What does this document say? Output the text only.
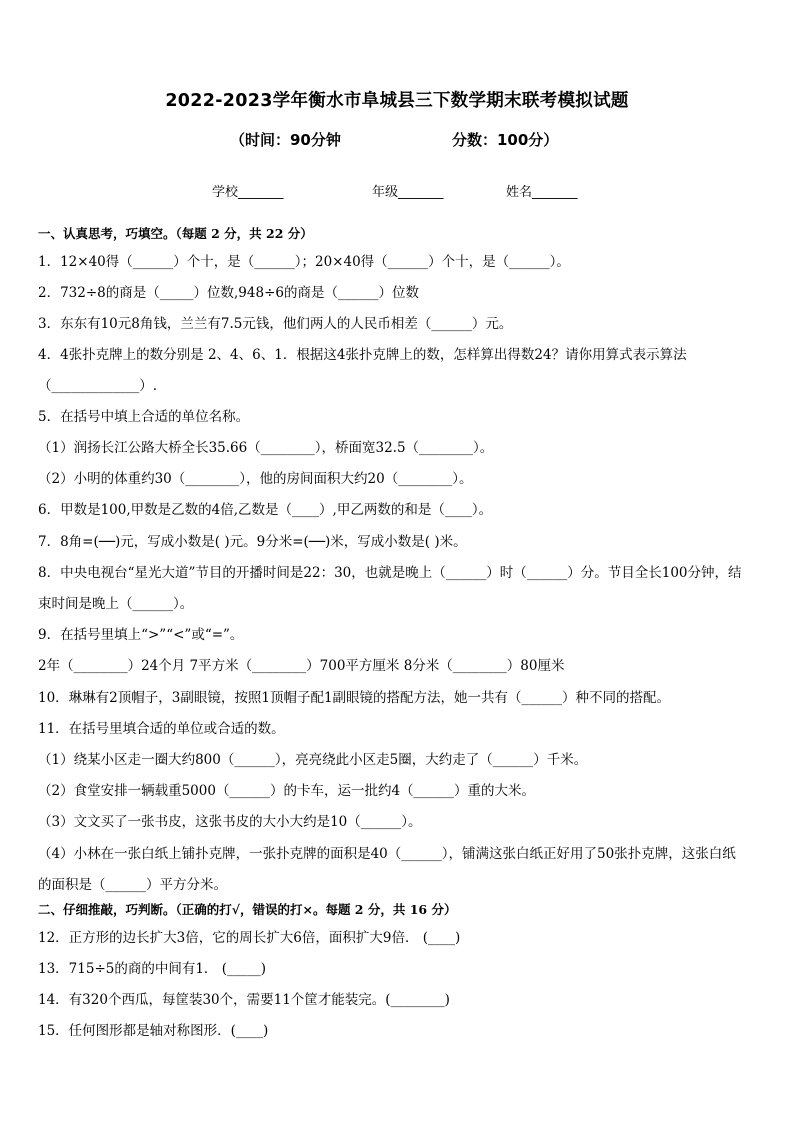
2022-2023学年衡水市阜城县三下数学期末联考模拟试题
（时间：90分钟	分数：100分）
学校_______	年级_______	姓名_______
一、认真思考，巧填空。（每题 2 分，共 22 分）
1．12×40得（______）个十，是（______）；20×40得（______）个十，是（______）。
2．732÷8的商是（_____）位数,948÷6的商是（______）位数
3．东东有10元8角钱，兰兰有7.5元钱，他们两人的人民币相差（______）元。
4．4张扑克牌上的数分别是 2、4、6、1．根据这4张扑克牌上的数，怎样算出得数24？请你用算式表示算法
（_____________）.
5．在括号中填上合适的单位名称。
（1）润扬长江公路大桥全长35.66（________），桥面宽32.5（________）。
（2）小明的体重约30（________），他的房间面积大约20（________）。
6．甲数是100,甲数是乙数的4倍,乙数是（____）,甲乙两数的和是（____）。
7．8角=(──)元，写成小数是( )元。9分米=(──)米，写成小数是( )米。
8．中央电视台“星光大道”节目的开播时间是22：30，也就是晚上（______）时（______）分。节目全长100分钟，结
束时间是晚上（______）。
9．在括号里填上“>”“<”或“=”。
2年（________）24个月 7平方米（________）700平方厘米 8分米（________）80厘米
10．琳琳有2顶帽子，3副眼镜，按照1顶帽子配1副眼镜的搭配方法，她一共有（______）种不同的搭配。
11．在括号里填合适的单位或合适的数。
（1）绕某小区走一圈大约800（______），亮亮绕此小区走5圈，大约走了（______）千米。
（2）食堂安排一辆载重5000（______）的卡车，运一批约4（______）重的大米。
（3）文文买了一张书皮，这张书皮的大小大约是10（______）。
（4）小林在一张白纸上铺扑克牌，一张扑克牌的面积是40（______），铺满这张白纸正好用了50张扑克牌，这张白纸
的面积是（______）平方分米。
二、仔细推敲，巧判断。（正确的打√，错误的打×。每题 2 分，共 16 分）
12．正方形的边长扩大3倍，它的周长扩大6倍，面积扩大9倍． (____)
13．715÷5的商的中间有1． (_____)
14．有320个西瓜，每筐装30个，需要11个筐才能装完。(________)
15．任何图形都是轴对称图形．(____)
